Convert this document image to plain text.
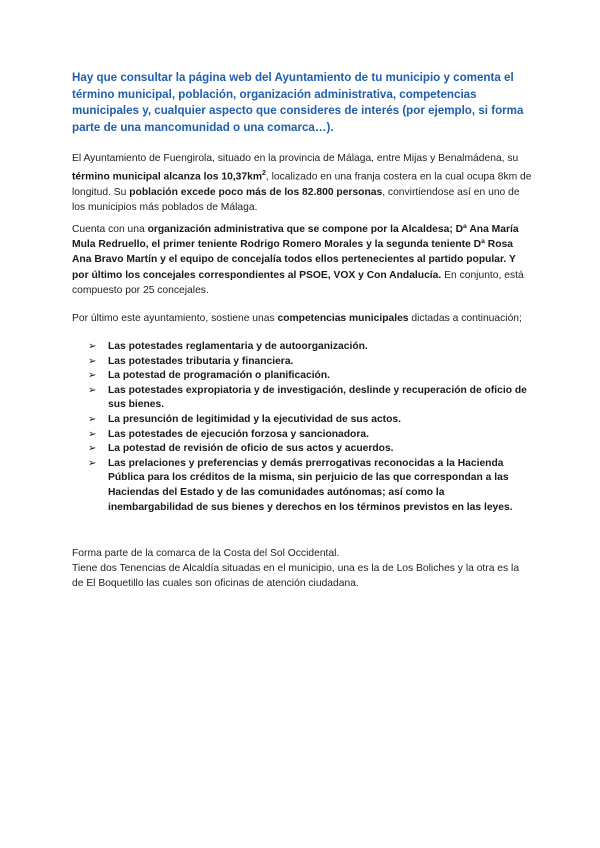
Hay que consultar la página web del Ayuntamiento de tu municipio y comenta el término municipal, población, organización administrativa, competencias municipales y, cualquier aspecto que consideres de interés (por ejemplo, si forma parte de una mancomunidad o una comarca…).

El Ayuntamiento de Fuengirola, situado en la provincia de Málaga, entre Mijas y Benalmádena, su término municipal alcanza los $10,37km^2$, localizado en una franja costera en la cual ocupa 8km de longitud. Su población excede poco más de los 82.800 personas, convirtiendose así en uno de los municipios más poblados de Málaga.

Cuenta con una organización administrativa que se compone por la Alcaldesa; Dª Ana María Mula Redruello, el primer teniente Rodrigo Romero Morales y la segunda teniente Dª Rosa Ana Bravo Martín y el equipo de concejalía todos ellos pertenecientes al partido popular. Y por último los concejales correspondientes al PSOE, VOX y Con Andalucía. En conjunto, está compuesto por 25 concejales.

Por último este ayuntamiento, sostiene unas competencias municipales dictadas a continuación;

➢ Las potestades reglamentaria y de autoorganización.
➢ Las potestades tributaria y financiera.
➢ La potestad de programación o planificación.
➢ Las potestades expropiatoria y de investigación, deslinde y recuperación de oficio de sus bienes.
➢ La presunción de legitimidad y la ejecutividad de sus actos.
➢ Las potestades de ejecución forzosa y sancionadora.
➢ La potestad de revisión de oficio de sus actos y acuerdos.
➢ Las prelaciones y preferencias y demás prerrogativas reconocidas a la Hacienda Pública para los créditos de la misma, sin perjuicio de las que correspondan a las Haciendas del Estado y de las comunidades autónomas; así como la inembargabilidad de sus bienes y derechos en los términos previstos en las leyes.

Forma parte de la comarca de la Costa del Sol Occidental.
Tiene dos Tenencias de Alcaldía situadas en el municipio, una es la de Los Boliches y la otra es la de El Boquetillo las cuales son oficinas de atención ciudadana.
